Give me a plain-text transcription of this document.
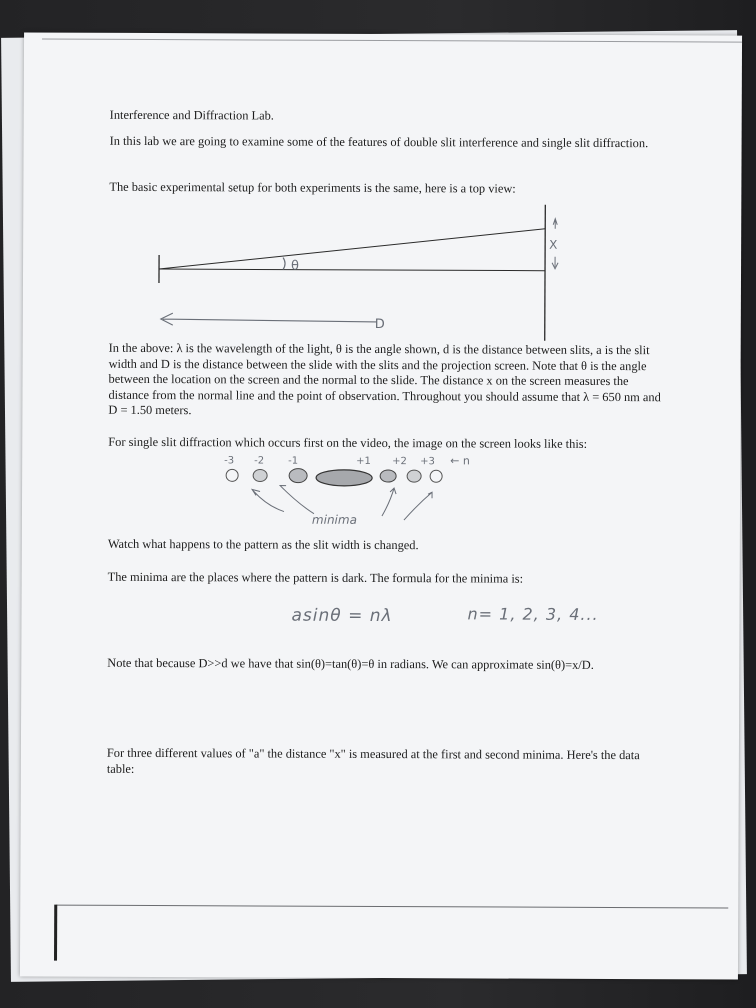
Interference and Diffraction Lab.

In this lab we are going to examine some of the features of double slit interference and single slit diffraction.

The basic experimental setup for both experiments is the same, here is a top view:

θ
X
D

In the above: λ is the wavelength of the light, θ is the angle shown, d is the distance between slits, a is the slit width and D is the distance between the slide with the slits and the projection screen. Note that θ is the angle between the location on the screen and the normal to the slide. The distance x on the screen measures the distance from the normal line and the point of observation. Throughout you should assume that λ = 650 nm and D = 1.50 meters.

For single slit diffraction which occurs first on the video, the image on the screen looks like this:

-3 -2 -1	+1 +2 +3 ← n
minima

Watch what happens to the pattern as the slit width is changed.

The minima are the places where the pattern is dark. The formula for the minima is:

asinθ = nλ	n= 1, 2, 3, 4...

Note that because D>>d we have that sin(θ)=tan(θ)=θ in radians. We can approximate sin(θ)=x/D.

For three different values of "a" the distance "x" is measured at the first and second minima. Here's the data table:
